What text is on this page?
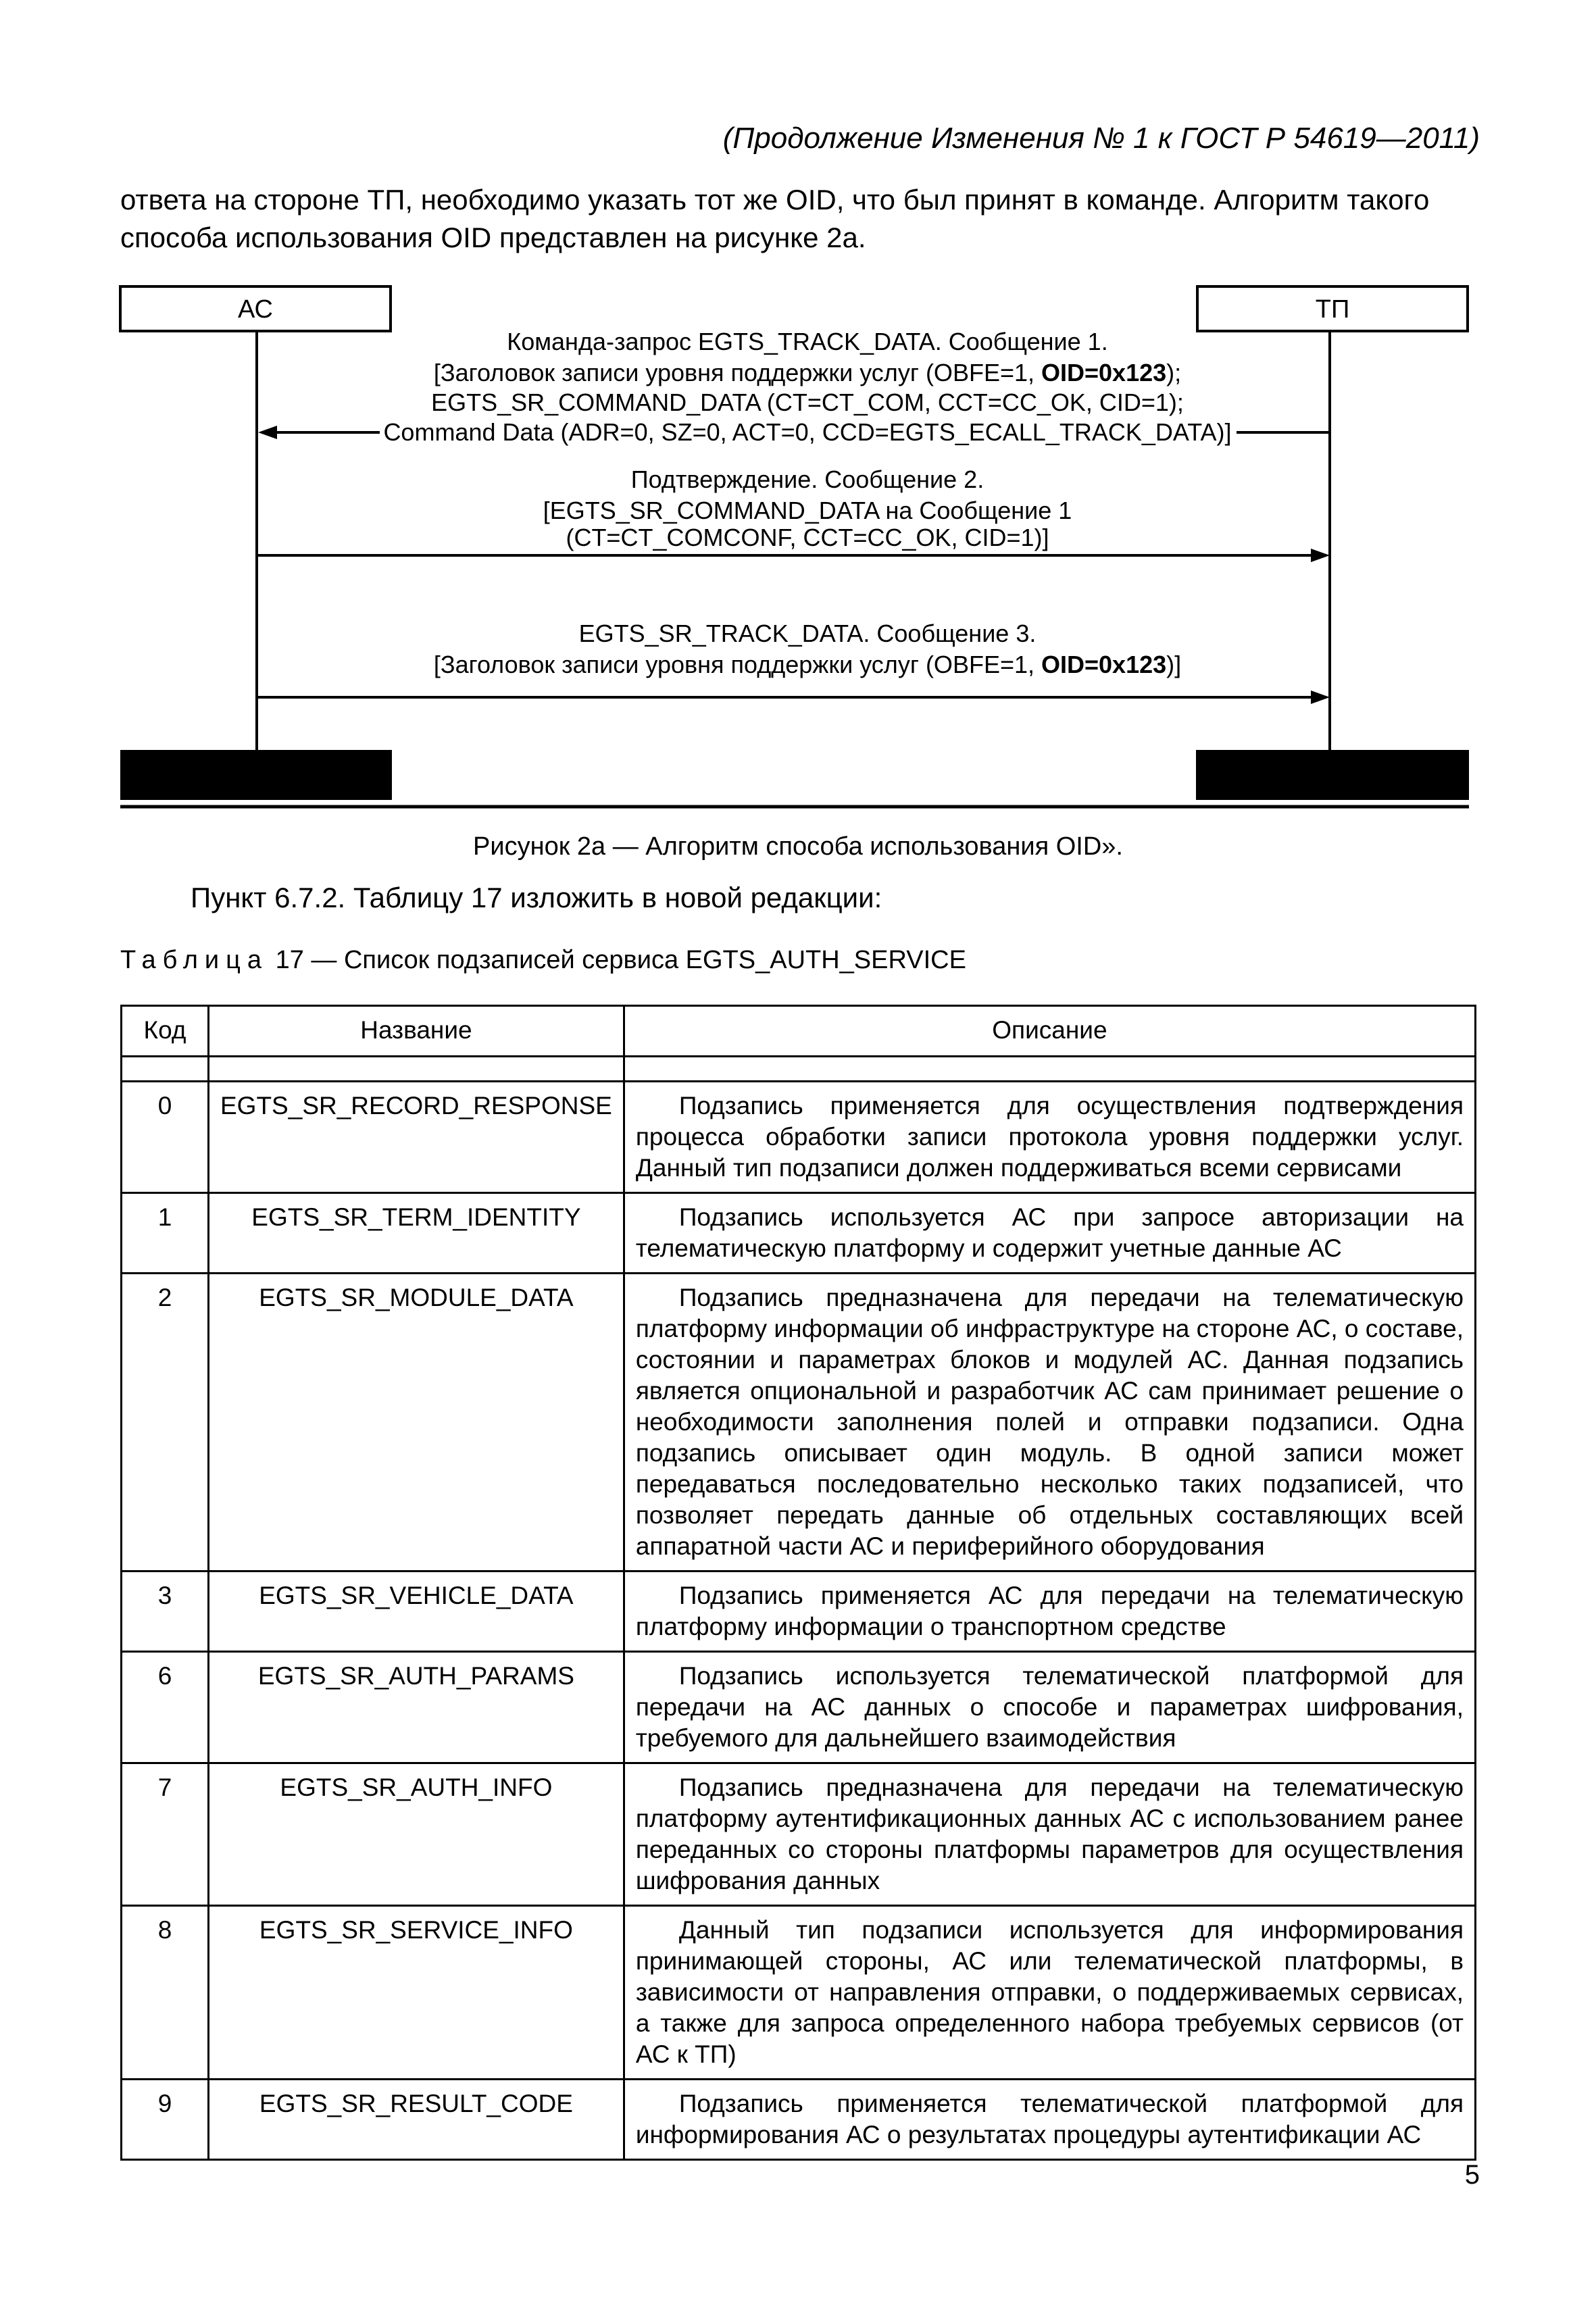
(Продолжение Изменения № 1 к ГОСТ Р 54619—2011)
ответа на стороне ТП, необходимо указать тот же OID, что был принят в команде. Алгоритм такого способа использования OID представлен на рисунке 2а.
АС	ТП
Команда-запрос EGTS_TRACK_DATA. Сообщение 1.
[Заголовок записи уровня поддержки услуг (OBFE=1, OID=0x123);
EGTS_SR_COMMAND_DATA (CT=CT_COM, CCT=CC_OK, CID=1);
Command Data (ADR=0, SZ=0, ACT=0, CCD=EGTS_ECALL_TRACK_DATA)]
Подтверждение. Сообщение 2.
[EGTS_SR_COMMAND_DATA на Сообщение 1
(CT=CT_COMCONF, CCT=CC_OK, CID=1)]
EGTS_SR_TRACK_DATA. Сообщение 3.
[Заголовок записи уровня поддержки услуг (OBFE=1, OID=0x123)]
Рисунок 2а — Алгоритм способа использования OID».
Пункт 6.7.2. Таблицу 17 изложить в новой редакции:
Таблица 17 — Список подзаписей сервиса EGTS_AUTH_SERVICE
Код	Название	Описание

0	EGTS_SR_RECORD_RESPONSE	Подзапись применяется для осуществления подтверждения процесса обработки записи протокола уровня поддержки услуг. Данный тип подзаписи должен поддерживаться всеми сервисами
1	EGTS_SR_TERM_IDENTITY	Подзапись используется АС при запросе авторизации на телематическую платформу и содержит учетные данные АС
2	EGTS_SR_MODULE_DATA	Подзапись предназначена для передачи на телематическую платформу информации об инфраструктуре на стороне АС, о составе, состоянии и параметрах блоков и модулей АС. Данная подзапись является опциональной и разработчик АС сам принимает решение о необходимости заполнения полей и отправки подзаписи. Одна подзапись описывает один модуль. В одной записи может передаваться последовательно несколько таких подзаписей, что позволяет передать данные об отдельных составляющих всей аппаратной части АС и периферийного оборудования
3	EGTS_SR_VEHICLE_DATA	Подзапись применяется АС для передачи на телематическую платформу информации о транспортном средстве
6	EGTS_SR_AUTH_PARAMS	Подзапись используется телематической платформой для передачи на АС данных о способе и параметрах шифрования, требуемого для дальнейшего взаимодействия
7	EGTS_SR_AUTH_INFO	Подзапись предназначена для передачи на телематическую платформу аутентификационных данных АС с использованием ранее переданных со стороны платформы параметров для осуществления шифрования данных
8	EGTS_SR_SERVICE_INFO	Данный тип подзаписи используется для информирования принимающей стороны, АС или телематической платформы, в зависимости от направления отправки, о поддерживаемых сервисах, а также для запроса определенного набора требуемых сервисов (от АС к ТП)
9	EGTS_SR_RESULT_CODE	Подзапись применяется телематической платформой для информирования АС о результатах процедуры аутентификации АС
5
